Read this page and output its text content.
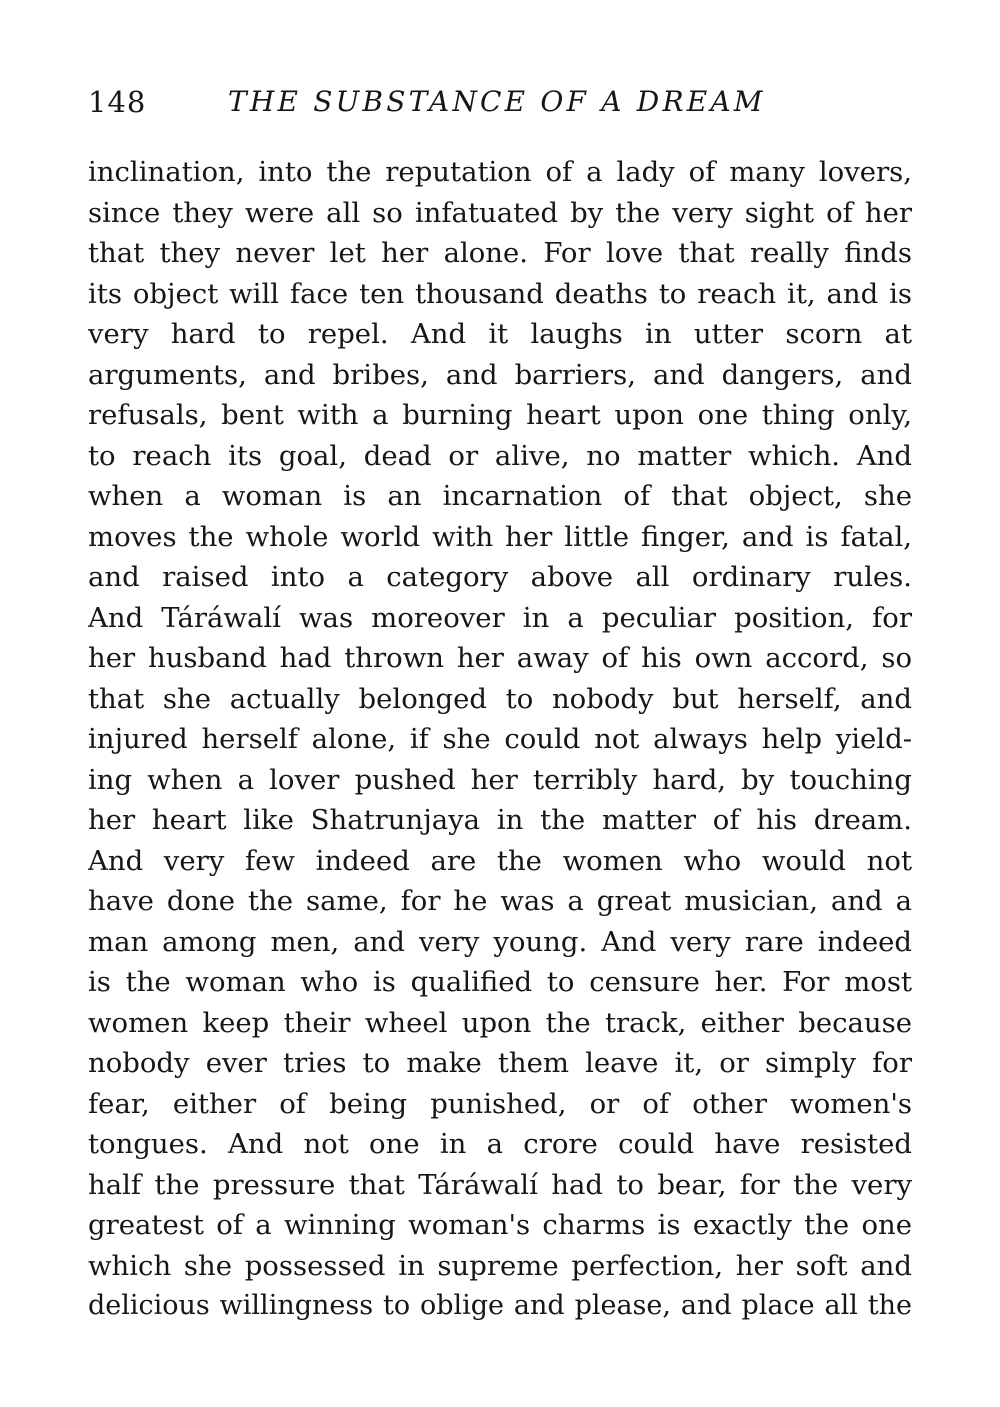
148	THE SUBSTANCE OF A DREAM
inclination, into the reputation of a lady of many lovers,
since they were all so infatuated by the very sight of her
that they never let her alone. For love that really finds
its object will face ten thousand deaths to reach it, and is
very hard to repel. And it laughs in utter scorn at
arguments, and bribes, and barriers, and dangers, and
refusals, bent with a burning heart upon one thing only,
to reach its goal, dead or alive, no matter which. And
when a woman is an incarnation of that object, she
moves the whole world with her little finger, and is fatal,
and raised into a category above all ordinary rules.
And Táráwalí was moreover in a peculiar position, for
her husband had thrown her away of his own accord, so
that she actually belonged to nobody but herself, and
injured herself alone, if she could not always help yield-
ing when a lover pushed her terribly hard, by touching
her heart like Shatrunjaya in the matter of his dream.
And very few indeed are the women who would not
have done the same, for he was a great musician, and a
man among men, and very young. And very rare indeed
is the woman who is qualified to censure her. For most
women keep their wheel upon the track, either because
nobody ever tries to make them leave it, or simply for
fear, either of being punished, or of other women's
tongues. And not one in a crore could have resisted
half the pressure that Táráwalí had to bear, for the very
greatest of a winning woman's charms is exactly the one
which she possessed in supreme perfection, her soft and
delicious willingness to oblige and please, and place all the
